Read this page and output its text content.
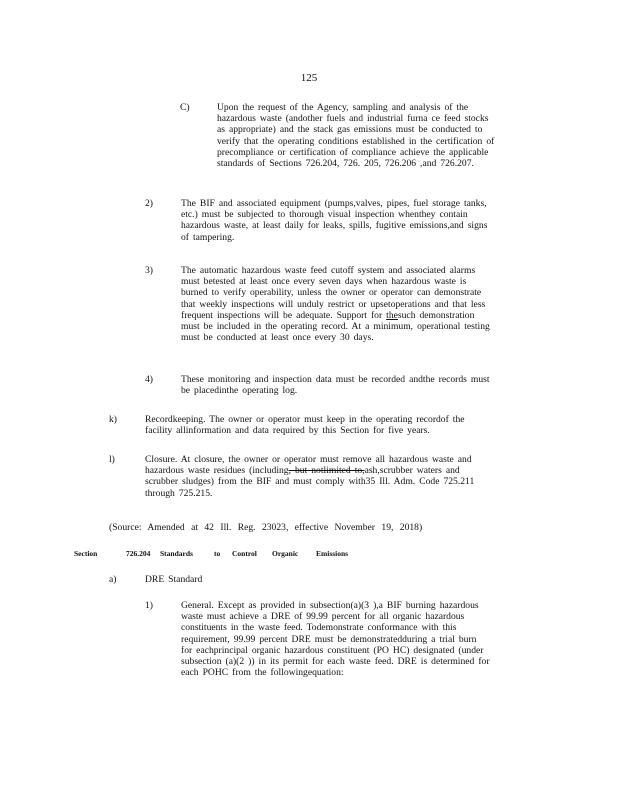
125
C)	Upon the request of the Agency, sampling and analysis of the
hazardous waste (andother fuels and industrial furna ce feed stocks
as appropriate) and the stack gas emissions must be conducted to
verify that the operating conditions established in the certification of
precompliance or certification of compliance achieve the applicable
standards of Sections 726.204, 726. 205, 726.206 ,and 726.207.
2)	The BIF and associated equipment (pumps,valves, pipes, fuel storage tanks,
etc.) must be subjected to thorough visual inspection whenthey contain
hazardous waste, at least daily for leaks, spills, fugitive emissions,and signs
of tampering.
3)	The automatic hazardous waste feed cutoff system and associated alarms
must betested at least once every seven days when hazardous waste is
burned to verify operability, unless the owner or operator can demonstrate
that weekly inspections will unduly restrict or upsetoperations and that less
frequent inspections will be adequate. Support for thesuch demonstration
must be included in the operating record. At a minimum, operational testing
must be conducted at least once every 30 days.
4)	These monitoring and inspection data must be recorded andthe records must
be placedinthe operating log.
k)	Recordkeeping. The owner or operator must keep in the operating recordof the
facility allinformation and data required by this Section for five years.
l)	Closure. At closure, the owner or operator must remove all hazardous waste and
hazardous waste residues (including, but notlimited to,ash,scrubber waters and
scrubber sludges) from the BIF and must comply with35 Ill. Adm. Code 725.211
through 725.215.
(Source: Amended at 42 Ill. Reg. 23023, effective November 19, 2018)
Section	726.204 Standards	to Control Organic Emissions
a)	DRE Standard
1)	General. Except as provided in subsection(a)(3 ),a BIF burning hazardous
waste must achieve a DRE of 99.99 percent for all organic hazardous
constituents in the waste feed. Todemonstrate conformance with this
requirement, 99.99 percent DRE must be demonstratedduring a trial burn
for eachprincipal organic hazardous constituent (PO HC) designated (under
subsection (a)(2 )) in its permit for each waste feed. DRE is determined for
each POHC from the followingequation:
